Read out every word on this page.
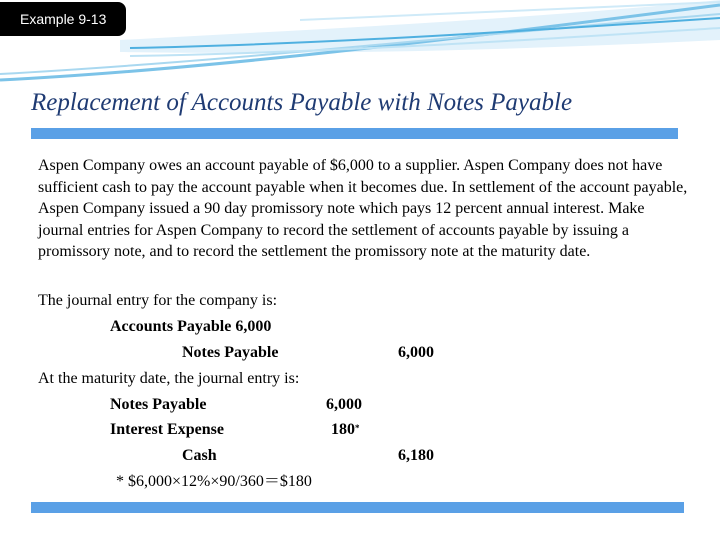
Example 9-13
Replacement of Accounts Payable with Notes Payable

Aspen Company owes an account payable of $6,000 to a supplier. Aspen Company does not have sufficient cash to pay the account payable when it becomes due. In settlement of the account payable, Aspen Company issued a 90 day promissory note which pays 12 percent annual interest. Make journal entries for Aspen Company to record the settlement of accounts payable by issuing a promissory note, and to record the settlement the promissory note at the maturity date.

The journal entry for the company is:
Accounts Payable 6,000
Notes Payable	6,000
At the maturity date, the journal entry is:
Notes Payable	6,000
Interest Expense	180*
Cash	6,180
* $6,000×12%×90/360＝$180
